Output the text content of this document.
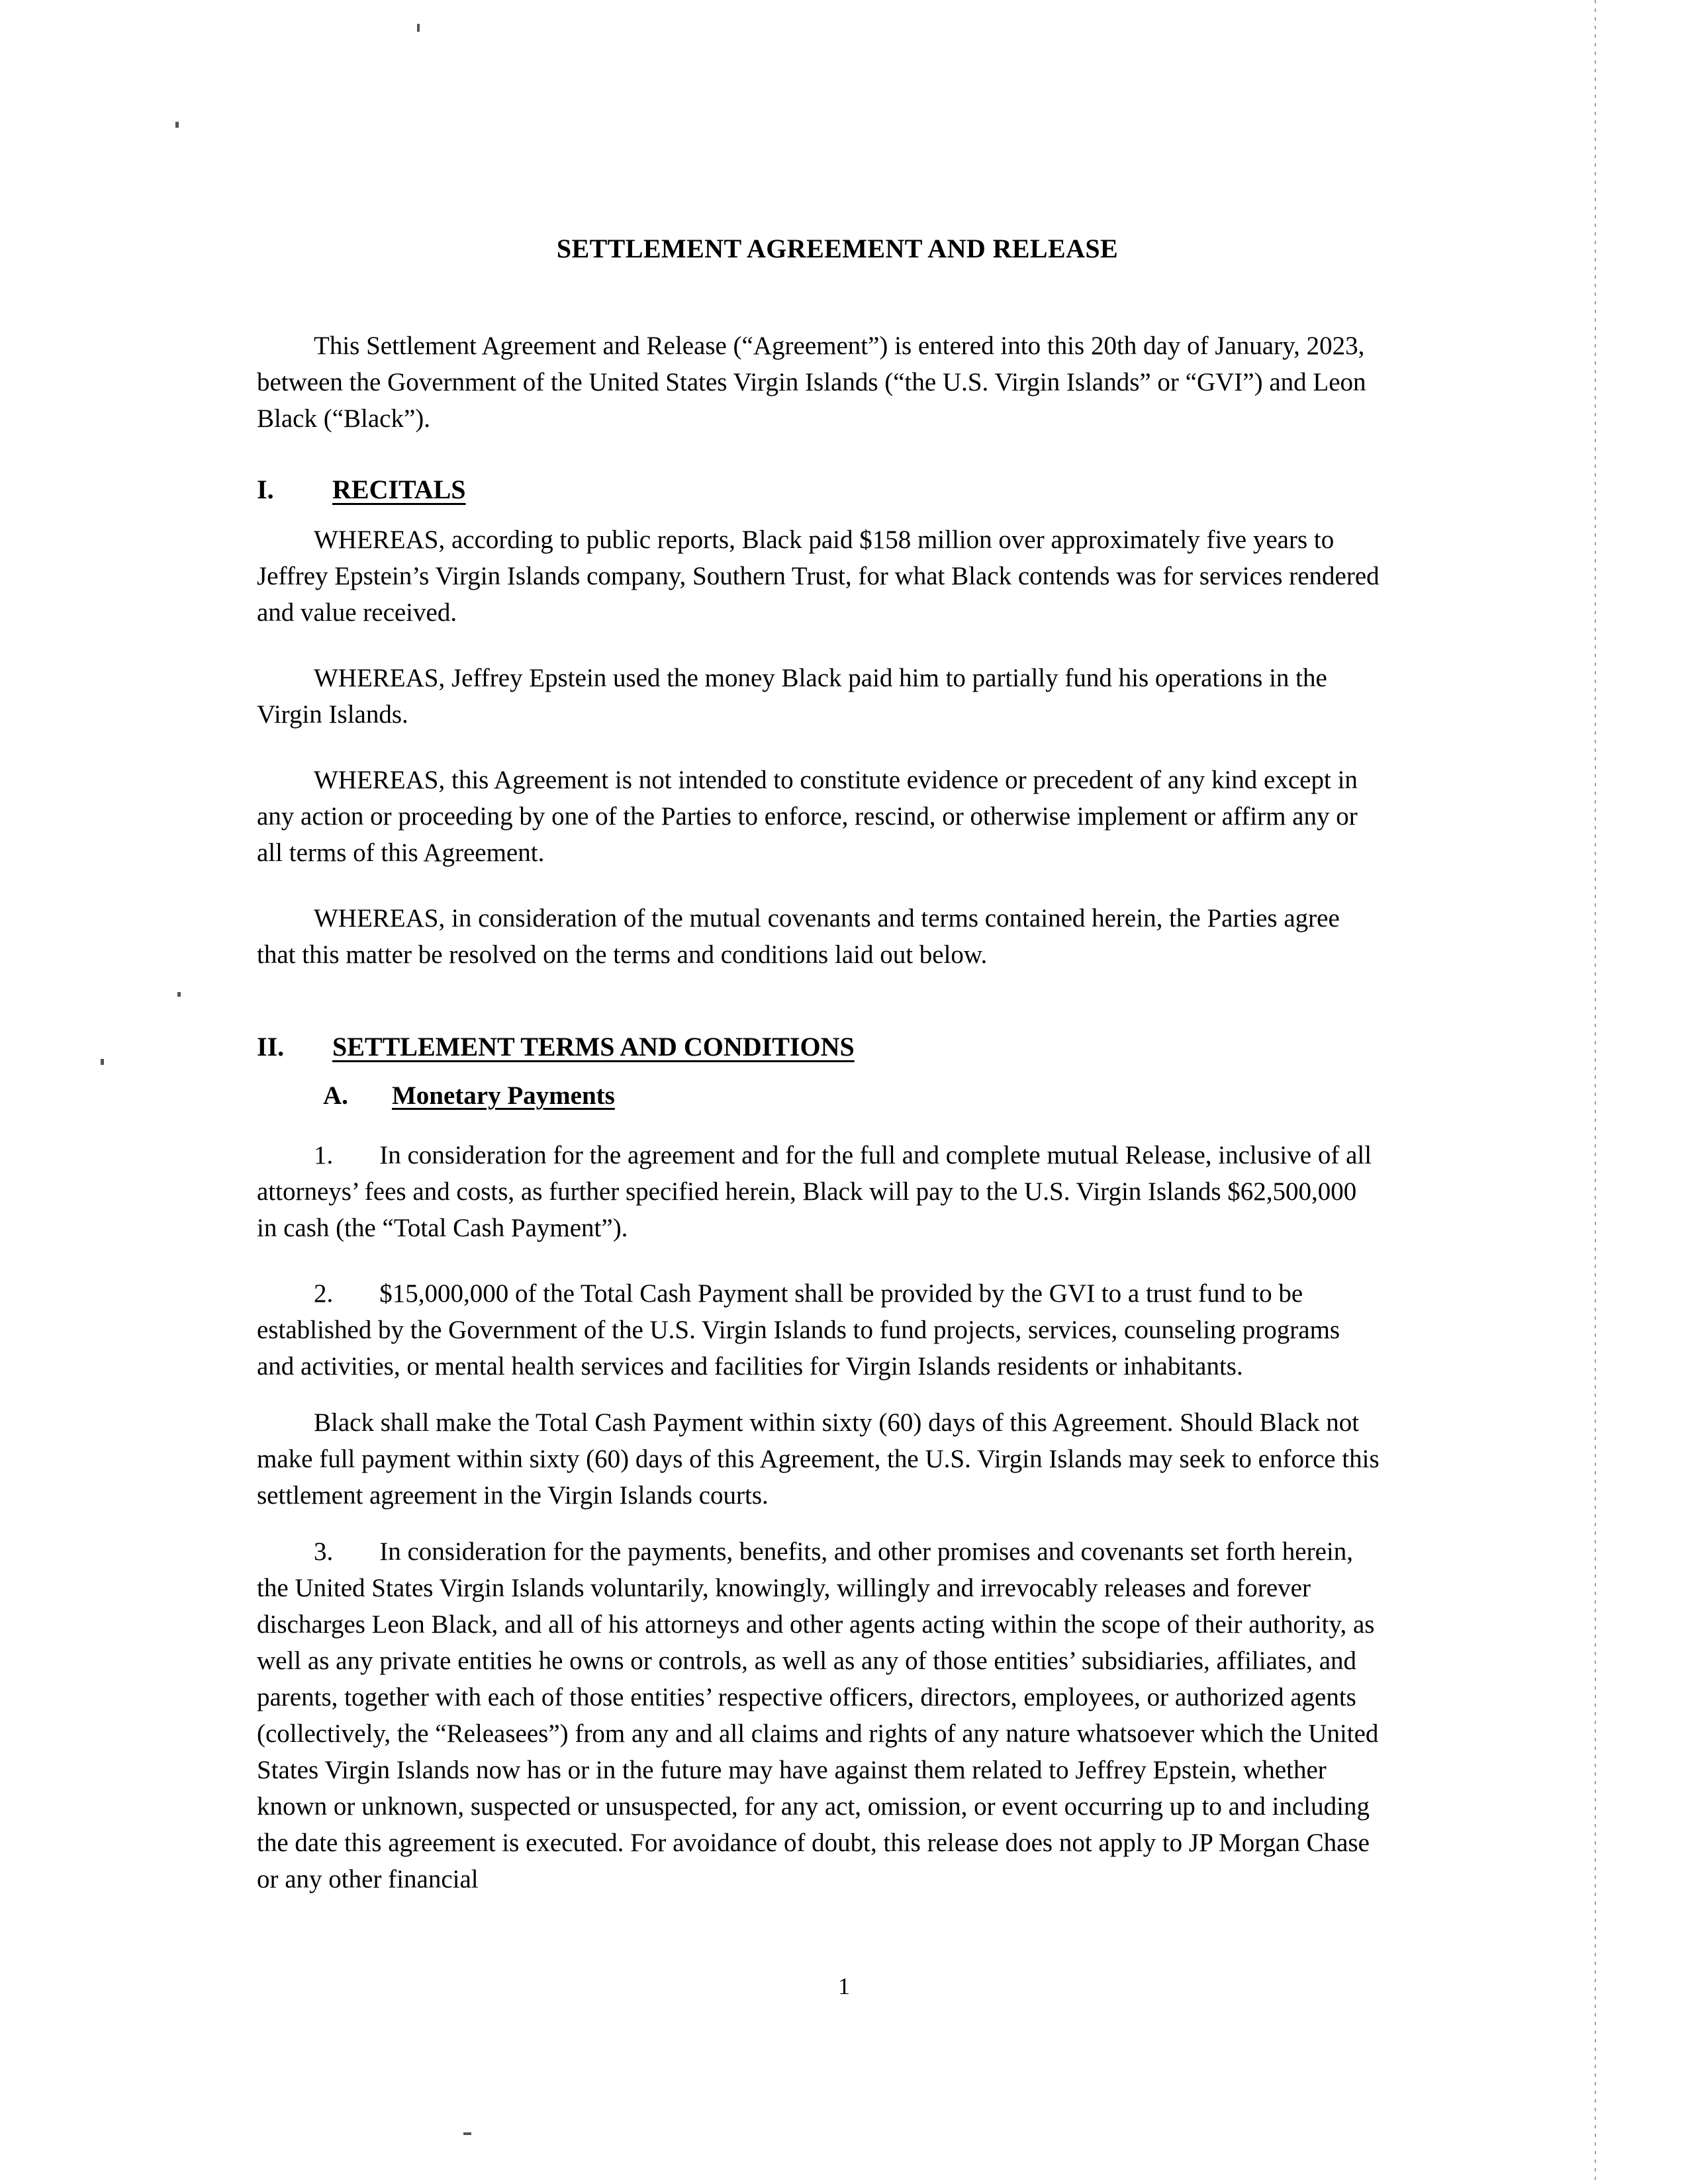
SETTLEMENT AGREEMENT AND RELEASE

This Settlement Agreement and Release (“Agreement”) is entered into this 20th day of January, 2023, between the Government of the United States Virgin Islands (“the U.S. Virgin Islands” or “GVI”) and Leon Black (“Black”).

I.	RECITALS

WHEREAS, according to public reports, Black paid $158 million over approximately five years to Jeffrey Epstein’s Virgin Islands company, Southern Trust, for what Black contends was for services rendered and value received.

WHEREAS, Jeffrey Epstein used the money Black paid him to partially fund his operations in the Virgin Islands.

WHEREAS, this Agreement is not intended to constitute evidence or precedent of any kind except in any action or proceeding by one of the Parties to enforce, rescind, or otherwise implement or affirm any or all terms of this Agreement.

WHEREAS, in consideration of the mutual covenants and terms contained herein, the Parties agree that this matter be resolved on the terms and conditions laid out below.

II.	SETTLEMENT TERMS AND CONDITIONS
A.	Monetary Payments

1. In consideration for the agreement and for the full and complete mutual Release, inclusive of all attorneys’ fees and costs, as further specified herein, Black will pay to the U.S. Virgin Islands $62,500,000 in cash (the “Total Cash Payment”).

2. $15,000,000 of the Total Cash Payment shall be provided by the GVI to a trust fund to be established by the Government of the U.S. Virgin Islands to fund projects, services, counseling programs and activities, or mental health services and facilities for Virgin Islands residents or inhabitants.

Black shall make the Total Cash Payment within sixty (60) days of this Agreement. Should Black not make full payment within sixty (60) days of this Agreement, the U.S. Virgin Islands may seek to enforce this settlement agreement in the Virgin Islands courts.

3. In consideration for the payments, benefits, and other promises and covenants set forth herein, the United States Virgin Islands voluntarily, knowingly, willingly and irrevocably releases and forever discharges Leon Black, and all of his attorneys and other agents acting within the scope of their authority, as well as any private entities he owns or controls, as well as any of those entities’ subsidiaries, affiliates, and parents, together with each of those entities’ respective officers, directors, employees, or authorized agents (collectively, the “Releasees”) from any and all claims and rights of any nature whatsoever which the United States Virgin Islands now has or in the future may have against them related to Jeffrey Epstein, whether known or unknown, suspected or unsuspected, for any act, omission, or event occurring up to and including the date this agreement is executed. For avoidance of doubt, this release does not apply to JP Morgan Chase or any other financial

1
